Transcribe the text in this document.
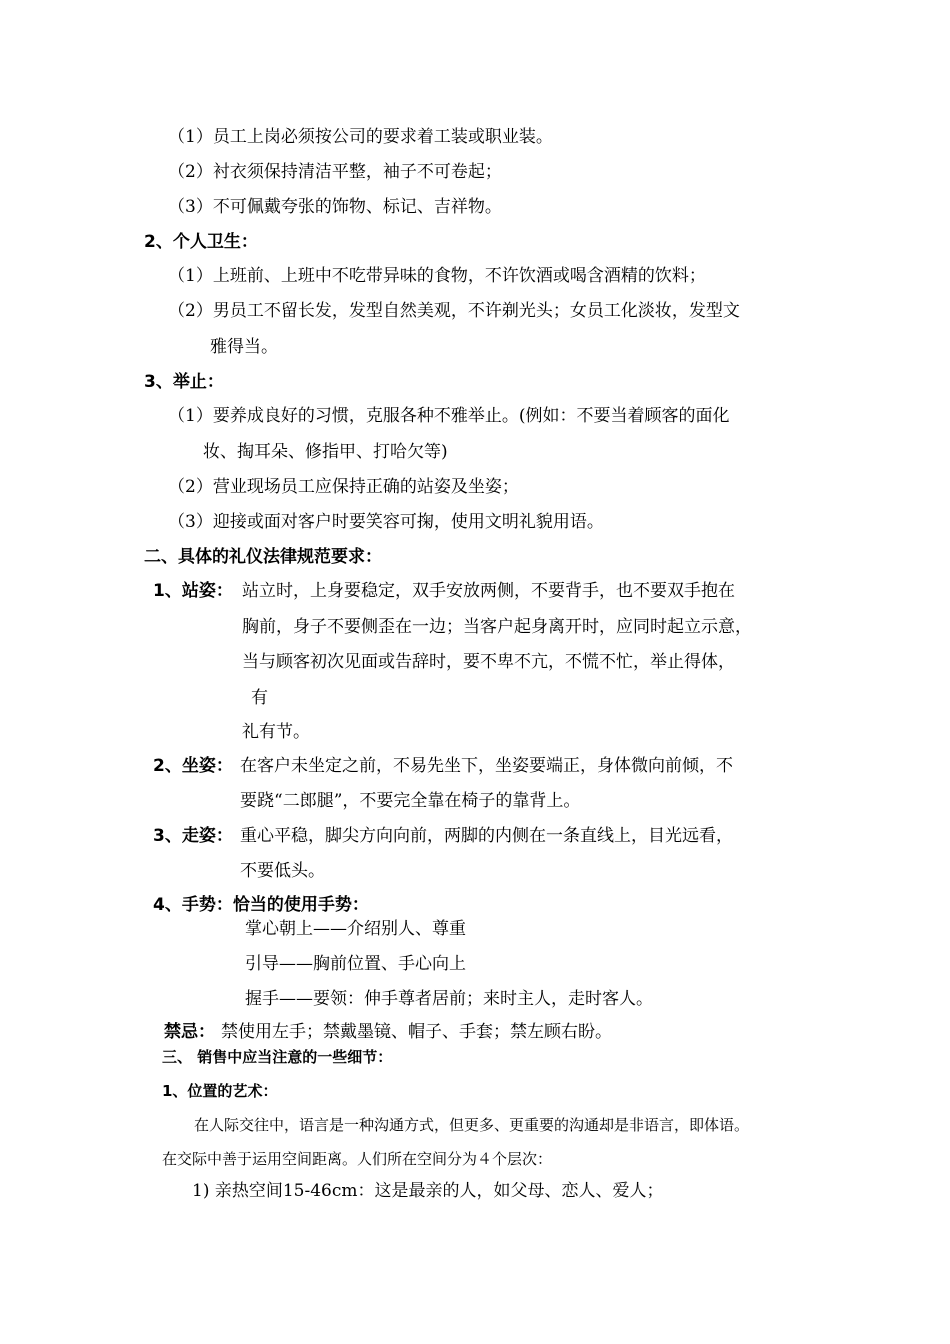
（1）员工上岗必须按公司的要求着工装或职业装。
（2）衬衣须保持清洁平整，袖子不可卷起；
（3）不可佩戴夸张的饰物、标记、吉祥物。
2、个人卫生：
（1）上班前、上班中不吃带异味的食物，不许饮酒或喝含酒精的饮料；
（2）男员工不留长发，发型自然美观，不许剃光头；女员工化淡妆，发型文
雅得当。
3、举止：
（1）要养成良好的习惯，克服各种不雅举止。(例如：不要当着顾客的面化
妆、掏耳朵、修指甲、打哈欠等)
（2）营业现场员工应保持正确的站姿及坐姿；
（3）迎接或面对客户时要笑容可掬，使用文明礼貌用语。
二、具体的礼仪法律规范要求：
1、站姿： 站立时，上身要稳定，双手安放两侧，不要背手，也不要双手抱在
胸前，身子不要侧歪在一边；当客户起身离开时，应同时起立示意，
当与顾客初次见面或告辞时，要不卑不亢，不慌不忙，举止得体，
有
礼有节。
2、坐姿： 在客户未坐定之前，不易先坐下，坐姿要端正，身体微向前倾，不
要跷“二郎腿”，不要完全靠在椅子的靠背上。
3、走姿： 重心平稳，脚尖方向向前，两脚的内侧在一条直线上，目光远看，
不要低头。
4、手势：恰当的使用手势：
掌心朝上——介绍别人、尊重
引导——胸前位置、手心向上
握手——要领：伸手尊者居前；来时主人，走时客人。
禁忌： 禁使用左手；禁戴墨镜、帽子、手套；禁左顾右盼。
三、 销售中应当注意的一些细节：
1、位置的艺术：
在人际交往中，语言是一种沟通方式，但更多、更重要的沟通却是非语言，即体语。
在交际中善于运用空间距离。人们所在空间分为４个层次：
1) 亲热空间15-46cm：这是最亲的人，如父母、恋人、爱人；
